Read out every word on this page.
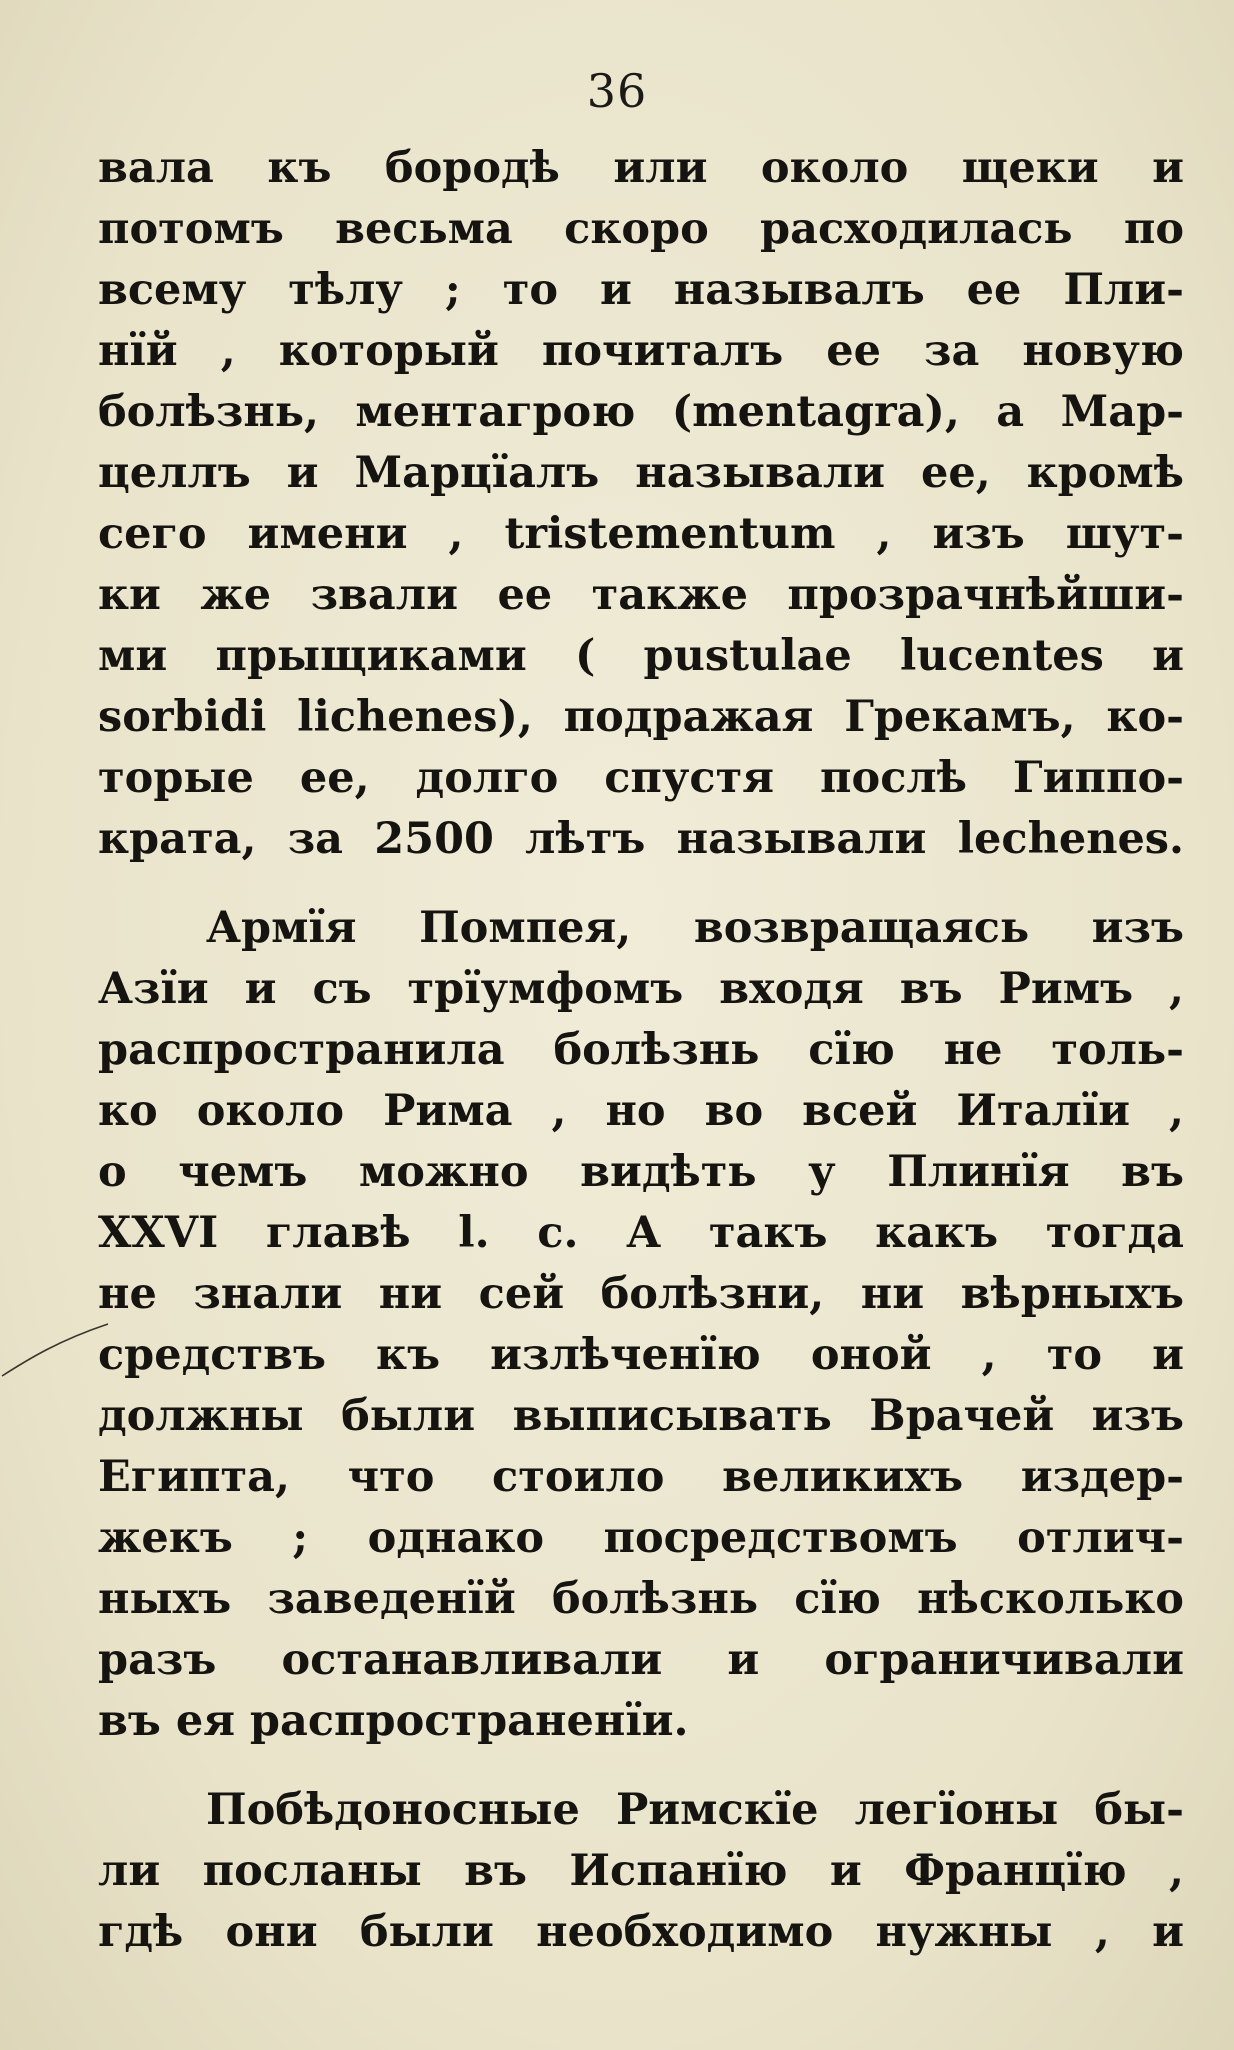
36
вала къ бородѣ или около щеки и
потомъ весьма скоро расходилась по
всему тѣлу ; то и называлъ ее Пли-
нїй , который почиталъ ее за новую
болѣзнь, ментагрою (mentagra), а Мар-
целлъ и Марцїалъ называли ее, кромѣ
сего имени , tristementum , изъ шут-
ки же звали ее также прозрачнѣйши-
ми прыщиками ( pustulae lucentes и
sorbidi lichenes), подражая Грекамъ, ко-
торые ее, долго спустя послѣ Гиппо-
крата, за 2500 лѣтъ называли lechenes.
Армїя Помпея, возвращаясь изъ
Азїи и съ трїумфомъ входя въ Римъ ,
распространила болѣзнь сїю не толь-
ко около Рима , но во всей Италїи ,
о чемъ можно видѣть у Плинїя въ
XXVI главѣ l. c. А такъ какъ тогда
не знали ни сей болѣзни, ни вѣрныхъ
средствъ къ излѣченїю оной , то и
должны были выписывать Врачей изъ
Египта, что стоило великихъ издер-
жекъ ; однако посредствомъ отлич-
ныхъ заведенїй болѣзнь сїю нѣсколько
разъ останавливали и ограничивали
въ ея распространенїи.
Побѣдоносные Римскїе легїоны бы-
ли посланы въ Испанїю и Францїю ,
гдѣ они были необходимо нужны , и
